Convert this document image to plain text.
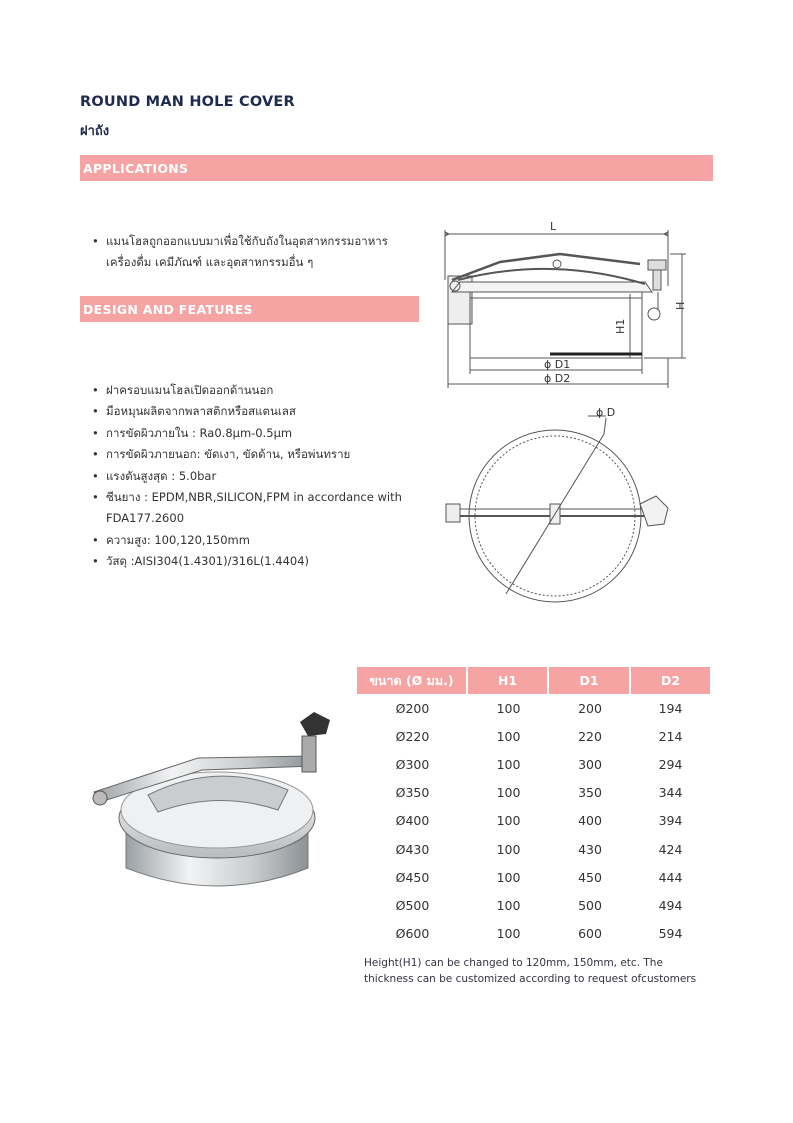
ROUND MAN HOLE COVER
ฝาถัง
APPLICATIONS
• แมนโฮลถูกออกแบบมาเพื่อใช้กับถังในอุตสาหกรรมอาหาร เครื่องดื่ม เคมีภัณฑ์ และอุตสาหกรรมอื่น ๆ
DESIGN AND FEATURES
• ฝาครอบแมนโฮลเปิดออกด้านนอก
• มือหมุนผลิตจากพลาสติกหรือสแตนเลส
• การขัดผิวภายใน : Ra0.8μm-0.5μm
• การขัดผิวภายนอก: ขัดเงา, ขัดด้าน, หรือพ่นทราย
• แรงดันสูงสุด : 5.0bar
• ซีนยาง : EPDM,NBR,SILICON,FPM in accordance with FDA177.2600
• ความสูง: 100,120,150mm
• วัสดุ :AISI304(1.4301)/316L(1.4404)
L
H
H1
ϕ D1
ϕ D2
ϕ D
ขนาด (Ø มม.)	H1	D1	D2
Ø200	100	200	194
Ø220	100	220	214
Ø300	100	300	294
Ø350	100	350	344
Ø400	100	400	394
Ø430	100	430	424
Ø450	100	450	444
Ø500	100	500	494
Ø600	100	600	594
Height(H1) can be changed to 120mm, 150mm, etc. The thickness can be customized according to request ofcustomers
